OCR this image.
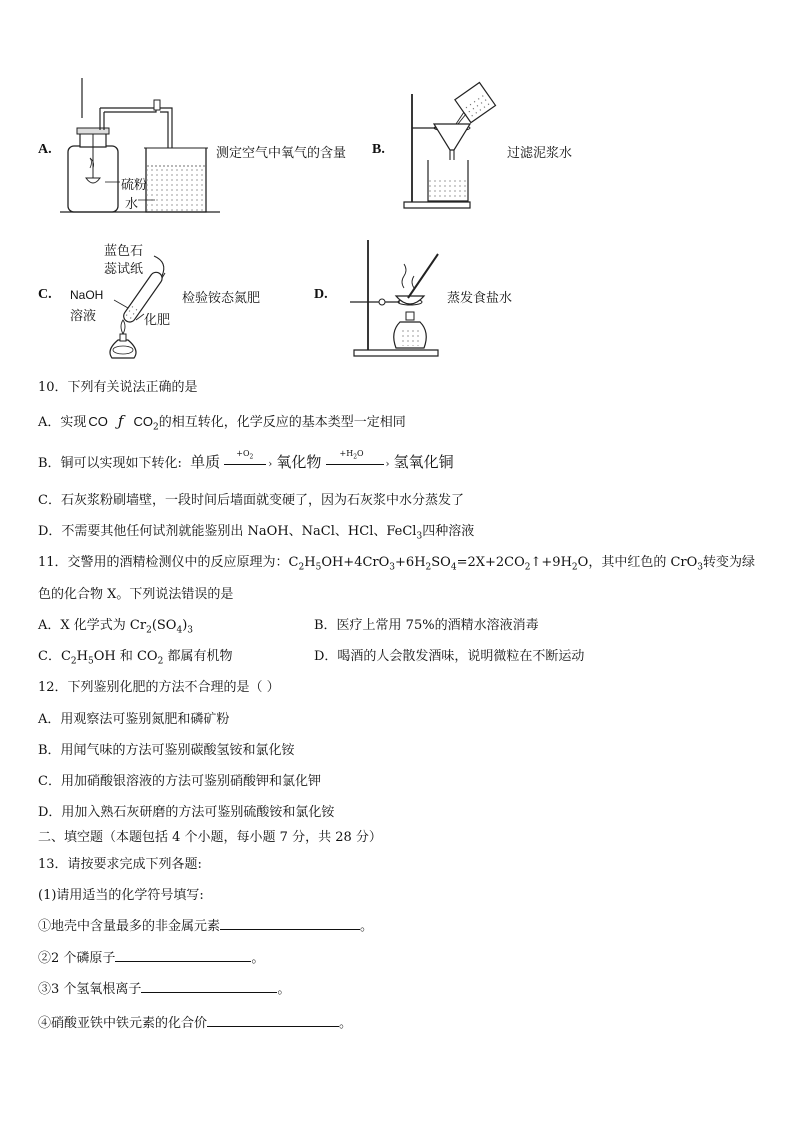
A.
硫粉
水
测定空气中氧气的含量 B.	过滤泥浆水
C.
蓝色石
蕊试纸
NaOH
溶液	化肥
检验铵态氮肥	D.	蒸发食盐水
10．下列有关说法正确的是
A．实现 CO ƒ $CO_2$的相互转化，化学反应的基本类型一定相同
B．铜可以实现如下转化: 单质 $+O_2$
› 氧化物 $+H_2O$
› 氢氧化铜
C．石灰浆粉刷墙壁，一段时间后墙面就变硬了，因为石灰浆中水分蒸发了
D．不需要其他任何试剂就能鉴别出 NaOH、NaCl、HCl、FeCl$_3$四种溶液
11．交警用的酒精检测仪中的反应原理为：$C_2H_5OH+4CrO_3+6H_2SO_4=2X+2CO_2↑+9H_2O$，其中红色的 CrO$_3$转变为绿
色的化合物 X。下列说法错误的是
A．X 化学式为 $Cr_2(SO_4)_3$	B．医疗上常用 75%的酒精水溶液消毒
C．$C_2H_5OH$ 和 $CO_2$ 都属有机物	D．喝酒的人会散发酒味，说明微粒在不断运动
12．下列鉴别化肥的方法不合理的是（ ）
A．用观察法可鉴别氮肥和磷矿粉
B．用闻气味的方法可鉴别碳酸氢铵和氯化铵
C．用加硝酸银溶液的方法可鉴别硝酸钾和氯化钾
D．用加入熟石灰研磨的方法可鉴别硫酸铵和氯化铵
二、填空题（本题包括 4 个小题，每小题 7 分，共 28 分）
13．请按要求完成下列各题:
(1)请用适当的化学符号填写:
①地壳中含量最多的非金属元素	。
②2 个磷原子	。
③3 个氢氧根离子	。
④硝酸亚铁中铁元素的化合价	。
